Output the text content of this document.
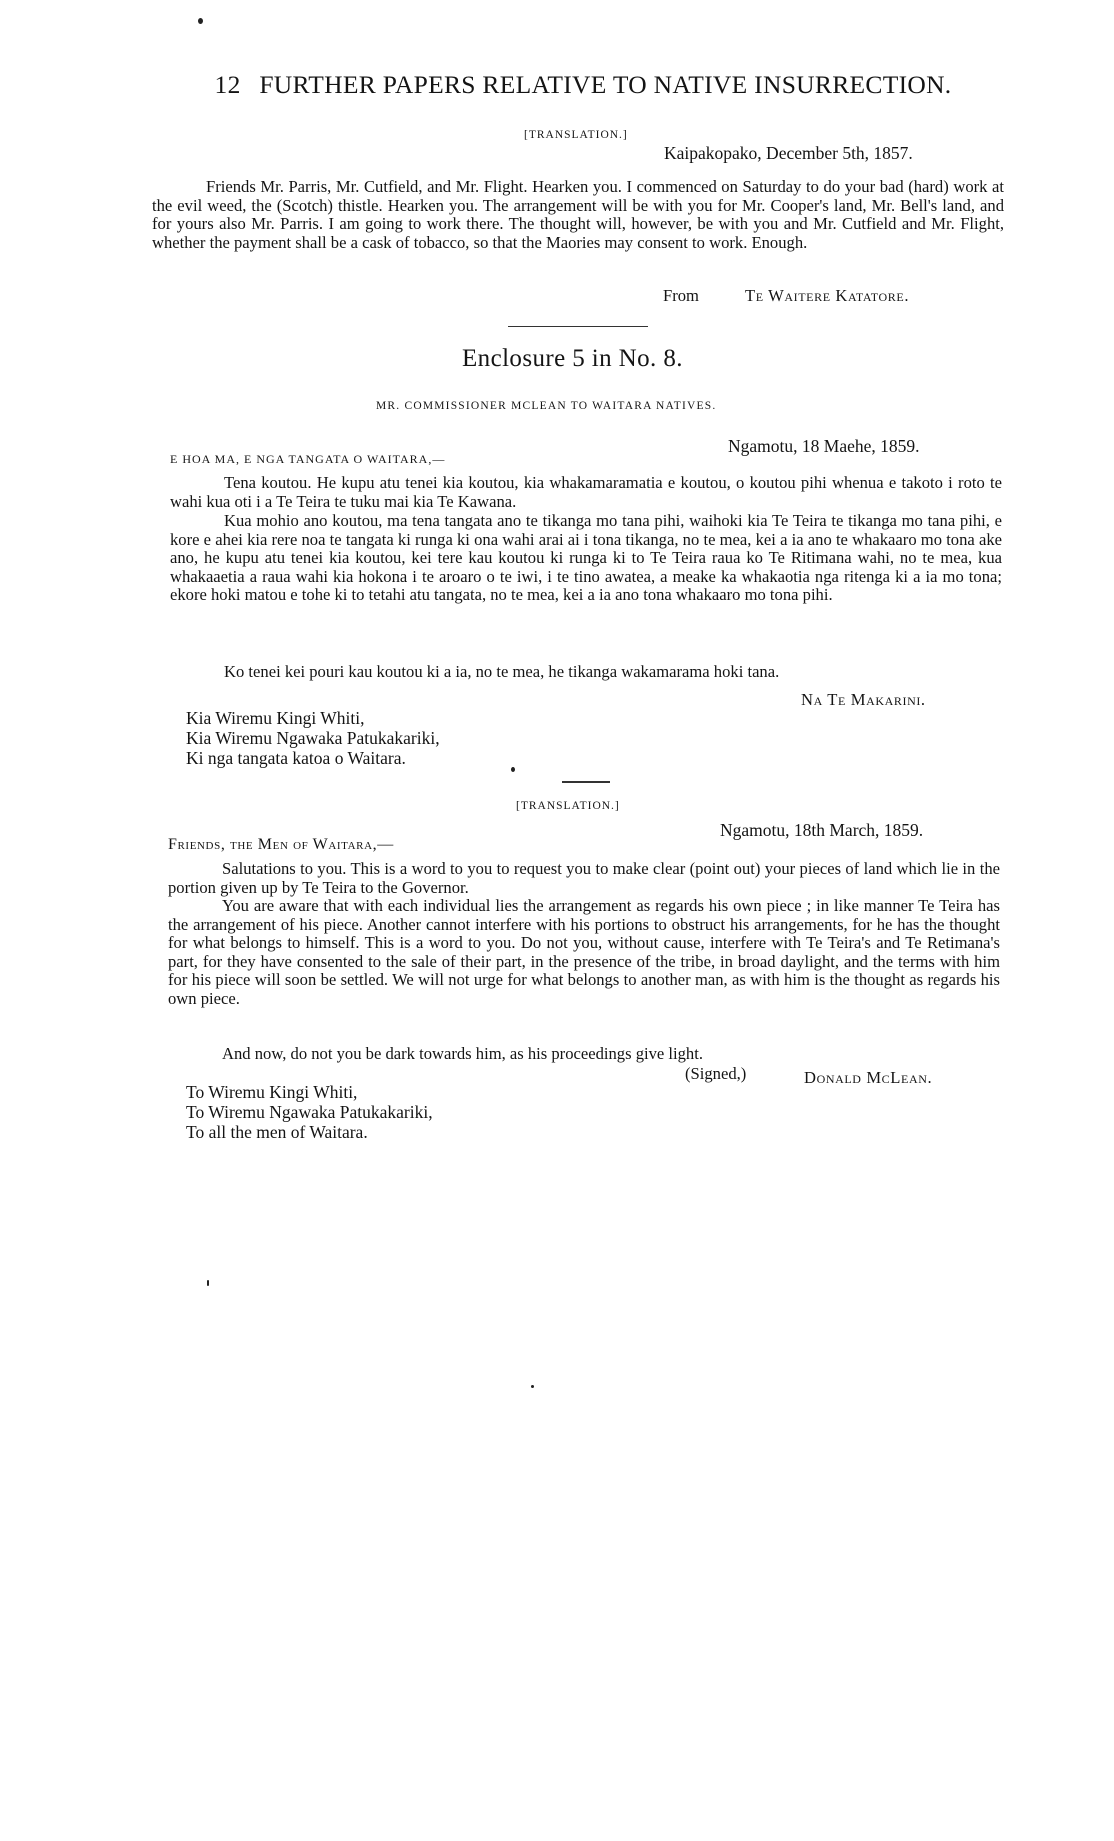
12 FURTHER PAPERS RELATIVE TO NATIVE INSURRECTION.
[TRANSLATION.]
Kaipakopako, December 5th, 1857.

Friends Mr. Parris, Mr. Cutfield, and Mr. Flight. Hearken you. I commenced on Saturday to do your bad (hard) work at the evil weed, the (Scotch) thistle. Hearken you. The arrangement will be with you for Mr. Cooper's land, Mr. Bell's land, and for yours also Mr. Parris. I am going to work there. The thought will, however, be with you and Mr. Cutfield and Mr. Flight, whether the payment shall be a cask of tobacco, so that the Maories may consent to work. Enough.

From	Te Waitere Katatore.
Enclosure 5 in No. 8.
MR. COMMISSIONER MCLEAN TO WAITARA NATIVES.
Ngamotu, 18 Maehe, 1859.
E HOA MA, E NGA TANGATA O WAITARA,—

Tena koutou. He kupu atu tenei kia koutou, kia whakamaramatia e koutou, o koutou pihi whenua e takoto i roto te wahi kua oti i a Te Teira te tuku mai kia Te Kawana.

Kua mohio ano koutou, ma tena tangata ano te tikanga mo tana pihi, waihoki kia Te Teira te tikanga mo tana pihi, e kore e ahei kia rere noa te tangata ki runga ki ona wahi arai ai i tona tikanga, no te mea, kei a ia ano te whakaaro mo tona ake ano, he kupu atu tenei kia koutou, kei tere kau koutou ki runga ki to Te Teira raua ko Te Ritimana wahi, no te mea, kua whakaaetia a raua wahi kia hokona i te aroaro o te iwi, i te tino awatea, a meake ka whakaotia nga ritenga ki a ia mo tona; ekore hoki matou e tohe ki to tetahi atu tangata, no te mea, kei a ia ano tona whakaaro mo tona pihi.

Ko tenei kei pouri kau koutou ki a ia, no te mea, he tikanga wakamarama hoki tana.

Na Te Makarini.
Kia Wiremu Kingi Whiti,
Kia Wiremu Ngawaka Patukakariki,
Ki nga tangata katoa o Waitara.
[TRANSLATION.]
Ngamotu, 18th March, 1859.
Friends, the Men of Waitara,—

Salutations to you. This is a word to you to request you to make clear (point out) your pieces of land which lie in the portion given up by Te Teira to the Governor.

You are aware that with each individual lies the arrangement as regards his own piece ; in like manner Te Teira has the arrangement of his piece. Another cannot interfere with his portions to obstruct his arrangements, for he has the thought for what belongs to himself. This is a word to you. Do not you, without cause, interfere with Te Teira's and Te Retimana's part, for they have consented to the sale of their part, in the presence of the tribe, in broad daylight, and the terms with him for his piece will soon be settled. We will not urge for what belongs to another man, as with him is the thought as regards his own piece.

And now, do not you be dark towards him, as his proceedings give light.

(Signed,)	Donald McLean.
To Wiremu Kingi Whiti,
To Wiremu Ngawaka Patukakariki,
To all the men of Waitara.
